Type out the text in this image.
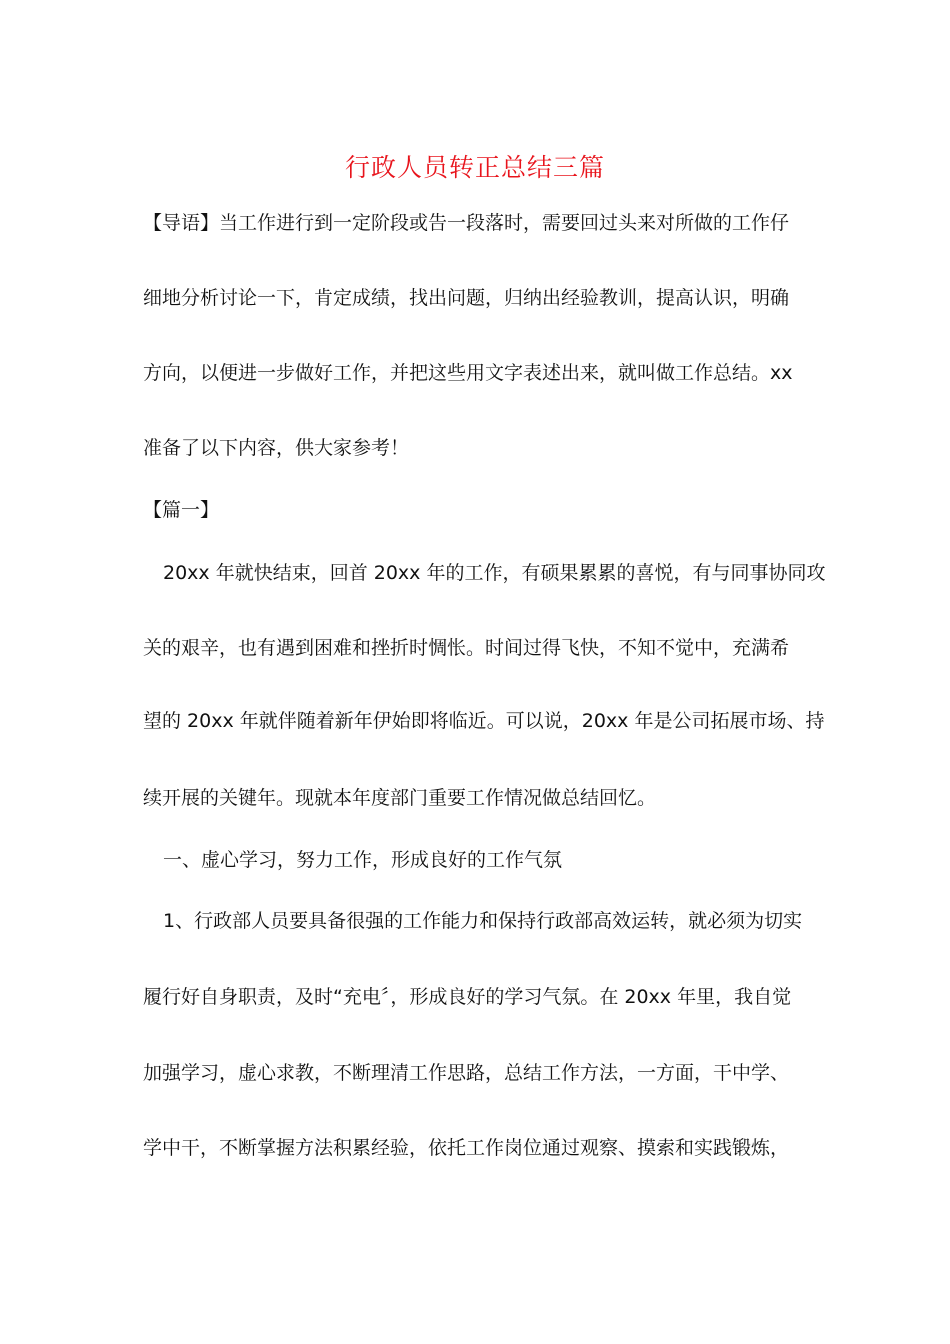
行政人员转正总结三篇
【导语】当工作进行到一定阶段或告一段落时，需要回过头来对所做的工作仔
细地分析讨论一下，肯定成绩，找出问题，归纳出经验教训，提高认识，明确
方向，以便进一步做好工作，并把这些用文字表述出来，就叫做工作总结。xx
准备了以下内容，供大家参考！
【篇一】
20xx 年就快结束，回首 20xx 年的工作，有硕果累累的喜悦，有与同事协同攻
关的艰辛，也有遇到困难和挫折时惆怅。时间过得飞快，不知不觉中，充满希
望的 20xx 年就伴随着新年伊始即将临近。可以说，20xx 年是公司拓展市场、持
续开展的关键年。现就本年度部门重要工作情况做总结回忆。
一、虚心学习，努力工作，形成良好的工作气氛
1、行政部人员要具备很强的工作能力和保持行政部高效运转，就必须为切实
履行好自身职责，及时“充电〞，形成良好的学习气氛。在 20xx 年里，我自觉
加强学习，虚心求教，不断理清工作思路，总结工作方法，一方面，干中学、
学中干，不断掌握方法积累经验，依托工作岗位通过观察、摸索和实践锻炼，
